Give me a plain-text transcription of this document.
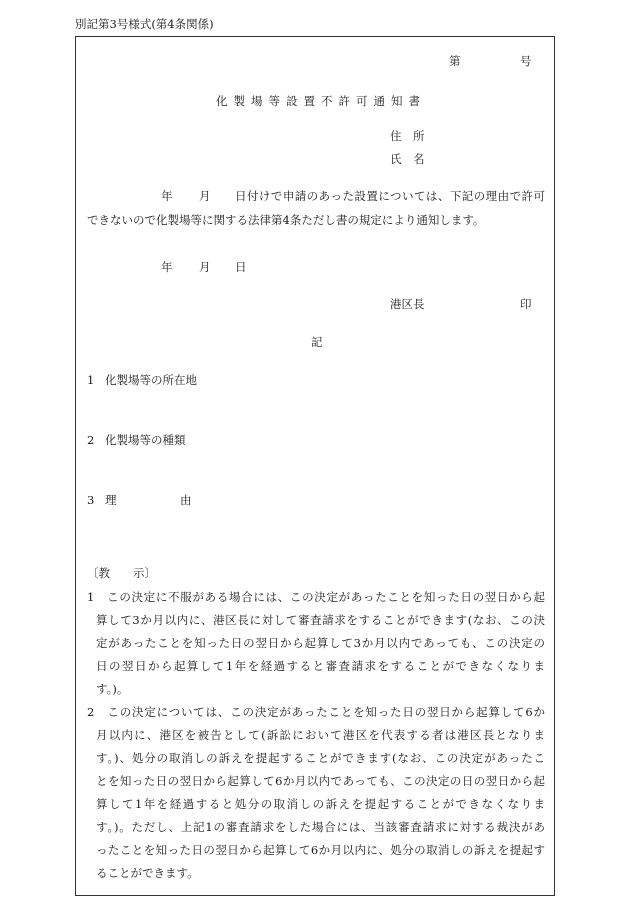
別記第3号様式(第4条関係)
第	号
化製場等設置不許可通知書
住　所
氏　名
年 月 日付けで申請のあった設置については、下記の理由で許可
できないので化製場等に関する法律第4条ただし書の規定により通知します。
年 月 日
港区長	印
記
1 化製場等の所在地
2 化製場等の種類
3 理	由
〔教　　示〕
1　この決定に不服がある場合には、この決定があったことを知った日の翌日から起
算して3か月以内に、港区長に対して審査請求をすることができます(なお、この決
定があったことを知った日の翌日から起算して3か月以内であっても、この決定の
日の翌日から起算して1年を経過すると審査請求をすることができなくなりま
す。)。
2　この決定については、この決定があったことを知った日の翌日から起算して6か
月以内に、港区を被告として(訴訟において港区を代表する者は港区長となりま
す。)、処分の取消しの訴えを提起することができます(なお、この決定があったこ
とを知った日の翌日から起算して6か月以内であっても、この決定の日の翌日から起
算して1年を経過すると処分の取消しの訴えを提起することができなくなりま
す。)。ただし、上記1の審査請求をした場合には、当該審査請求に対する裁決があ
ったことを知った日の翌日から起算して6か月以内に、処分の取消しの訴えを提起す
ることができます。
